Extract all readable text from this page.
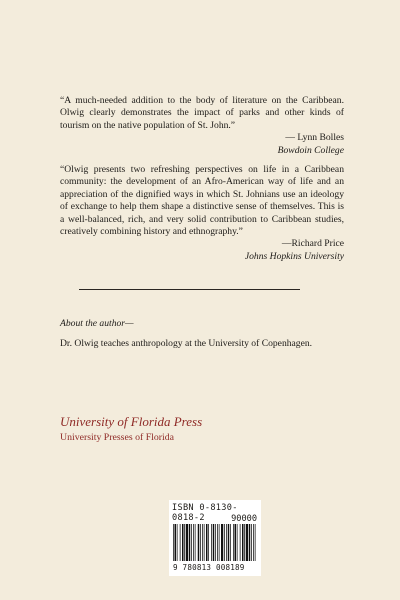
“A much-needed addition to the body of literature on the Caribbean. Olwig clearly demonstrates the impact of parks and other kinds of tourism on the native population of St. John.”

— Lynn Bolles
Bowdoin College

“Olwig presents two refreshing perspectives on life in a Caribbean community: the development of an Afro-American way of life and an appreciation of the dignified ways in which St. Johnians use an ideology of exchange to help them shape a distinctive sense of themselves. This is a well-balanced, rich, and very solid contribution to Caribbean studies, creatively combining history and ethnography.”

—Richard Price
Johns Hopkins University
About the author—
Dr. Olwig teaches anthropology at the University of Copenhagen.
University of Florida Press
University Presses of Florida
ISBN 0-8130-0818-2	90000
9 780813 008189
